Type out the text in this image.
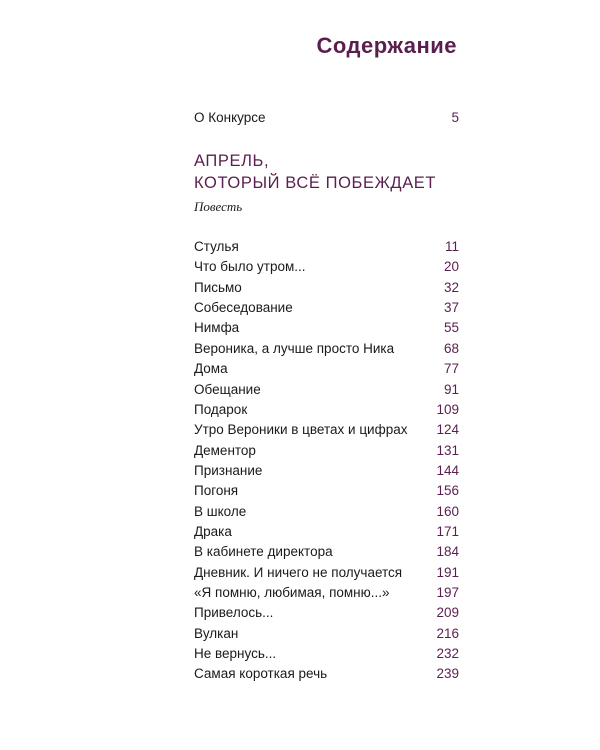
Содержание
О Конкурсе	5
АПРЕЛЬ,
КОТОРЫЙ ВСЁ ПОБЕЖДАЕТ
Повесть
Стулья	11
Что было утром...	20
Письмо	32
Собеседование	37
Нимфа	55
Вероника, а лучше просто Ника	68
Дома	77
Обещание	91
Подарок	109
Утро Вероники в цветах и цифрах 124
Дементор	131
Признание	144
Погоня	156
В школе	160
Драка	171
В кабинете директора	184
Дневник. И ничего не получается	191
«Я помню, любимая, помню...»	197
Привелось...	209
Вулкан	216
Не вернусь...	232
Самая короткая речь	239
